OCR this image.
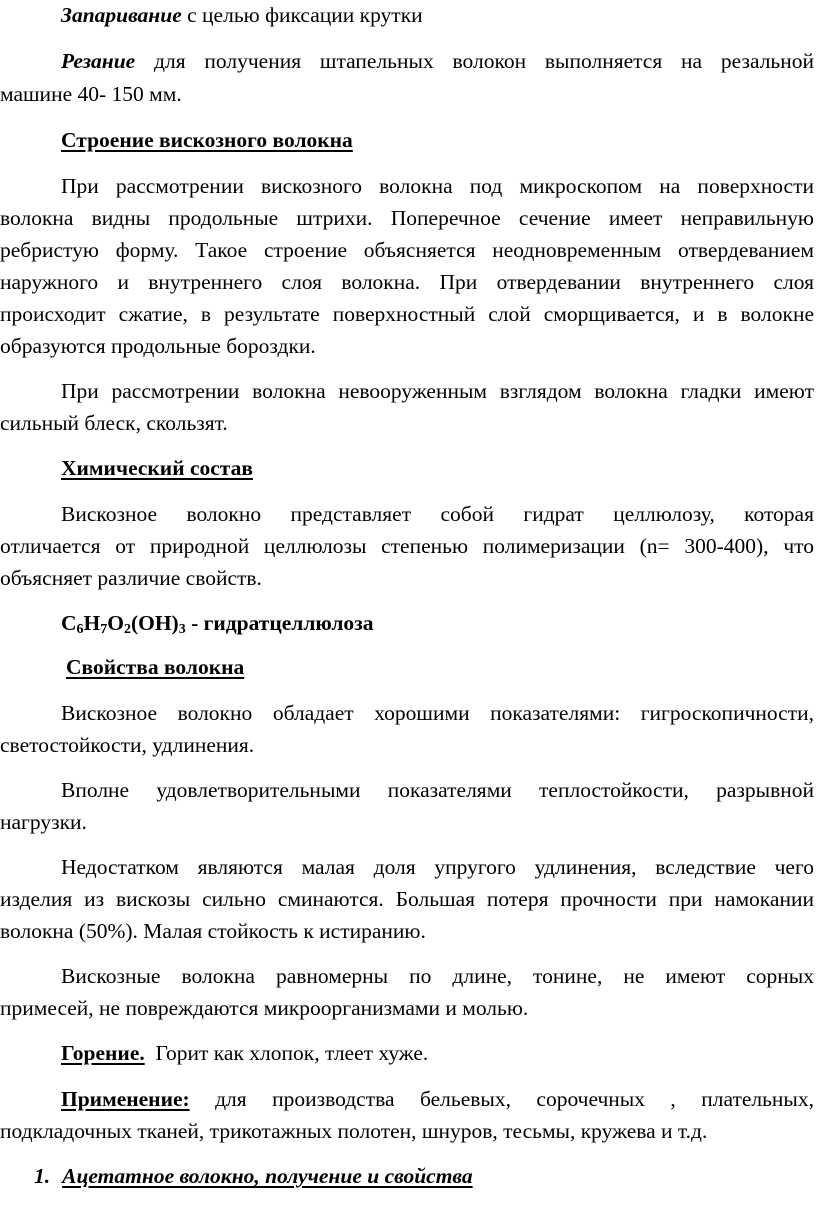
Запаривание с целью фиксации крутки
Резание для получения штапельных волокон выполняется на резальной
машине 40- 150 мм.
Строение вискозного волокна
При рассмотрении вискозного волокна под микроскопом на поверхности
волокна видны продольные штрихи. Поперечное сечение имеет неправильную
ребристую форму. Такое строение объясняется неодновременным отвердеванием
наружного и внутреннего слоя волокна. При отвердевании внутреннего слоя
происходит сжатие, в результате поверхностный слой сморщивается, и в волокне
образуются продольные бороздки.
При рассмотрении волокна невооруженным взглядом волокна гладки имеют
сильный блеск, скользят.
Химический состав
Вискозное волокно представляет собой гидрат целлюлозу, которая
отличается от природной целлюлозы степенью полимеризации (n= 300-400), что
объясняет различие свойств.
$C_6H_7O_2(OH)_3$ - гидратцеллюлоза
Свойства волокна
Вискозное волокно обладает хорошими показателями: гигроскопичности,
светостойкости, удлинения.
Вполне удовлетворительными показателями теплостойкости, разрывной
нагрузки.
Недостатком являются малая доля упругого удлинения, вследствие чего
изделия из вискозы сильно сминаются. Большая потеря прочности при намокании
волокна (50%). Малая стойкость к истиранию.
Вискозные волокна равномерны по длине, тонине, не имеют сорных
примесей, не повреждаются микроорганизмами и молью.
Горение.  Горит как хлопок, тлеет хуже.
Применение: для производства бельевых, сорочечных , плательных,
подкладочных тканей, трикотажных полотен, шнуров, тесьмы, кружева и т.д.
1. Ацетатное волокно, получение и свойства
